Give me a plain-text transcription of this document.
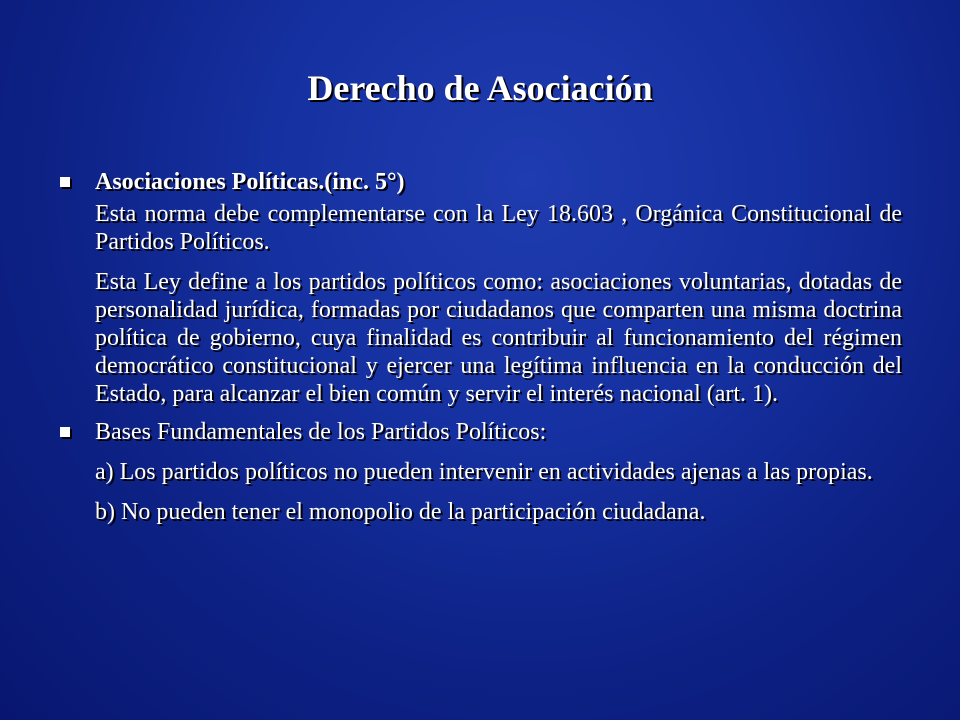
Derecho de Asociación
Asociaciones Políticas.(inc. 5°)
Esta norma debe complementarse con la Ley 18.603 , Orgánica Constitucional de Partidos Políticos.
Esta Ley define a los partidos políticos como: asociaciones voluntarias, dotadas de personalidad jurídica, formadas por ciudadanos que comparten una misma doctrina política de gobierno, cuya finalidad es contribuir al funcionamiento del régimen democrático constitucional y ejercer una legítima influencia en la conducción del Estado, para alcanzar el bien común y servir el interés nacional (art. 1).
Bases Fundamentales de los Partidos Políticos:
a) Los partidos políticos no pueden intervenir en actividades ajenas a las propias.
b) No pueden tener el monopolio de la participación ciudadana.
